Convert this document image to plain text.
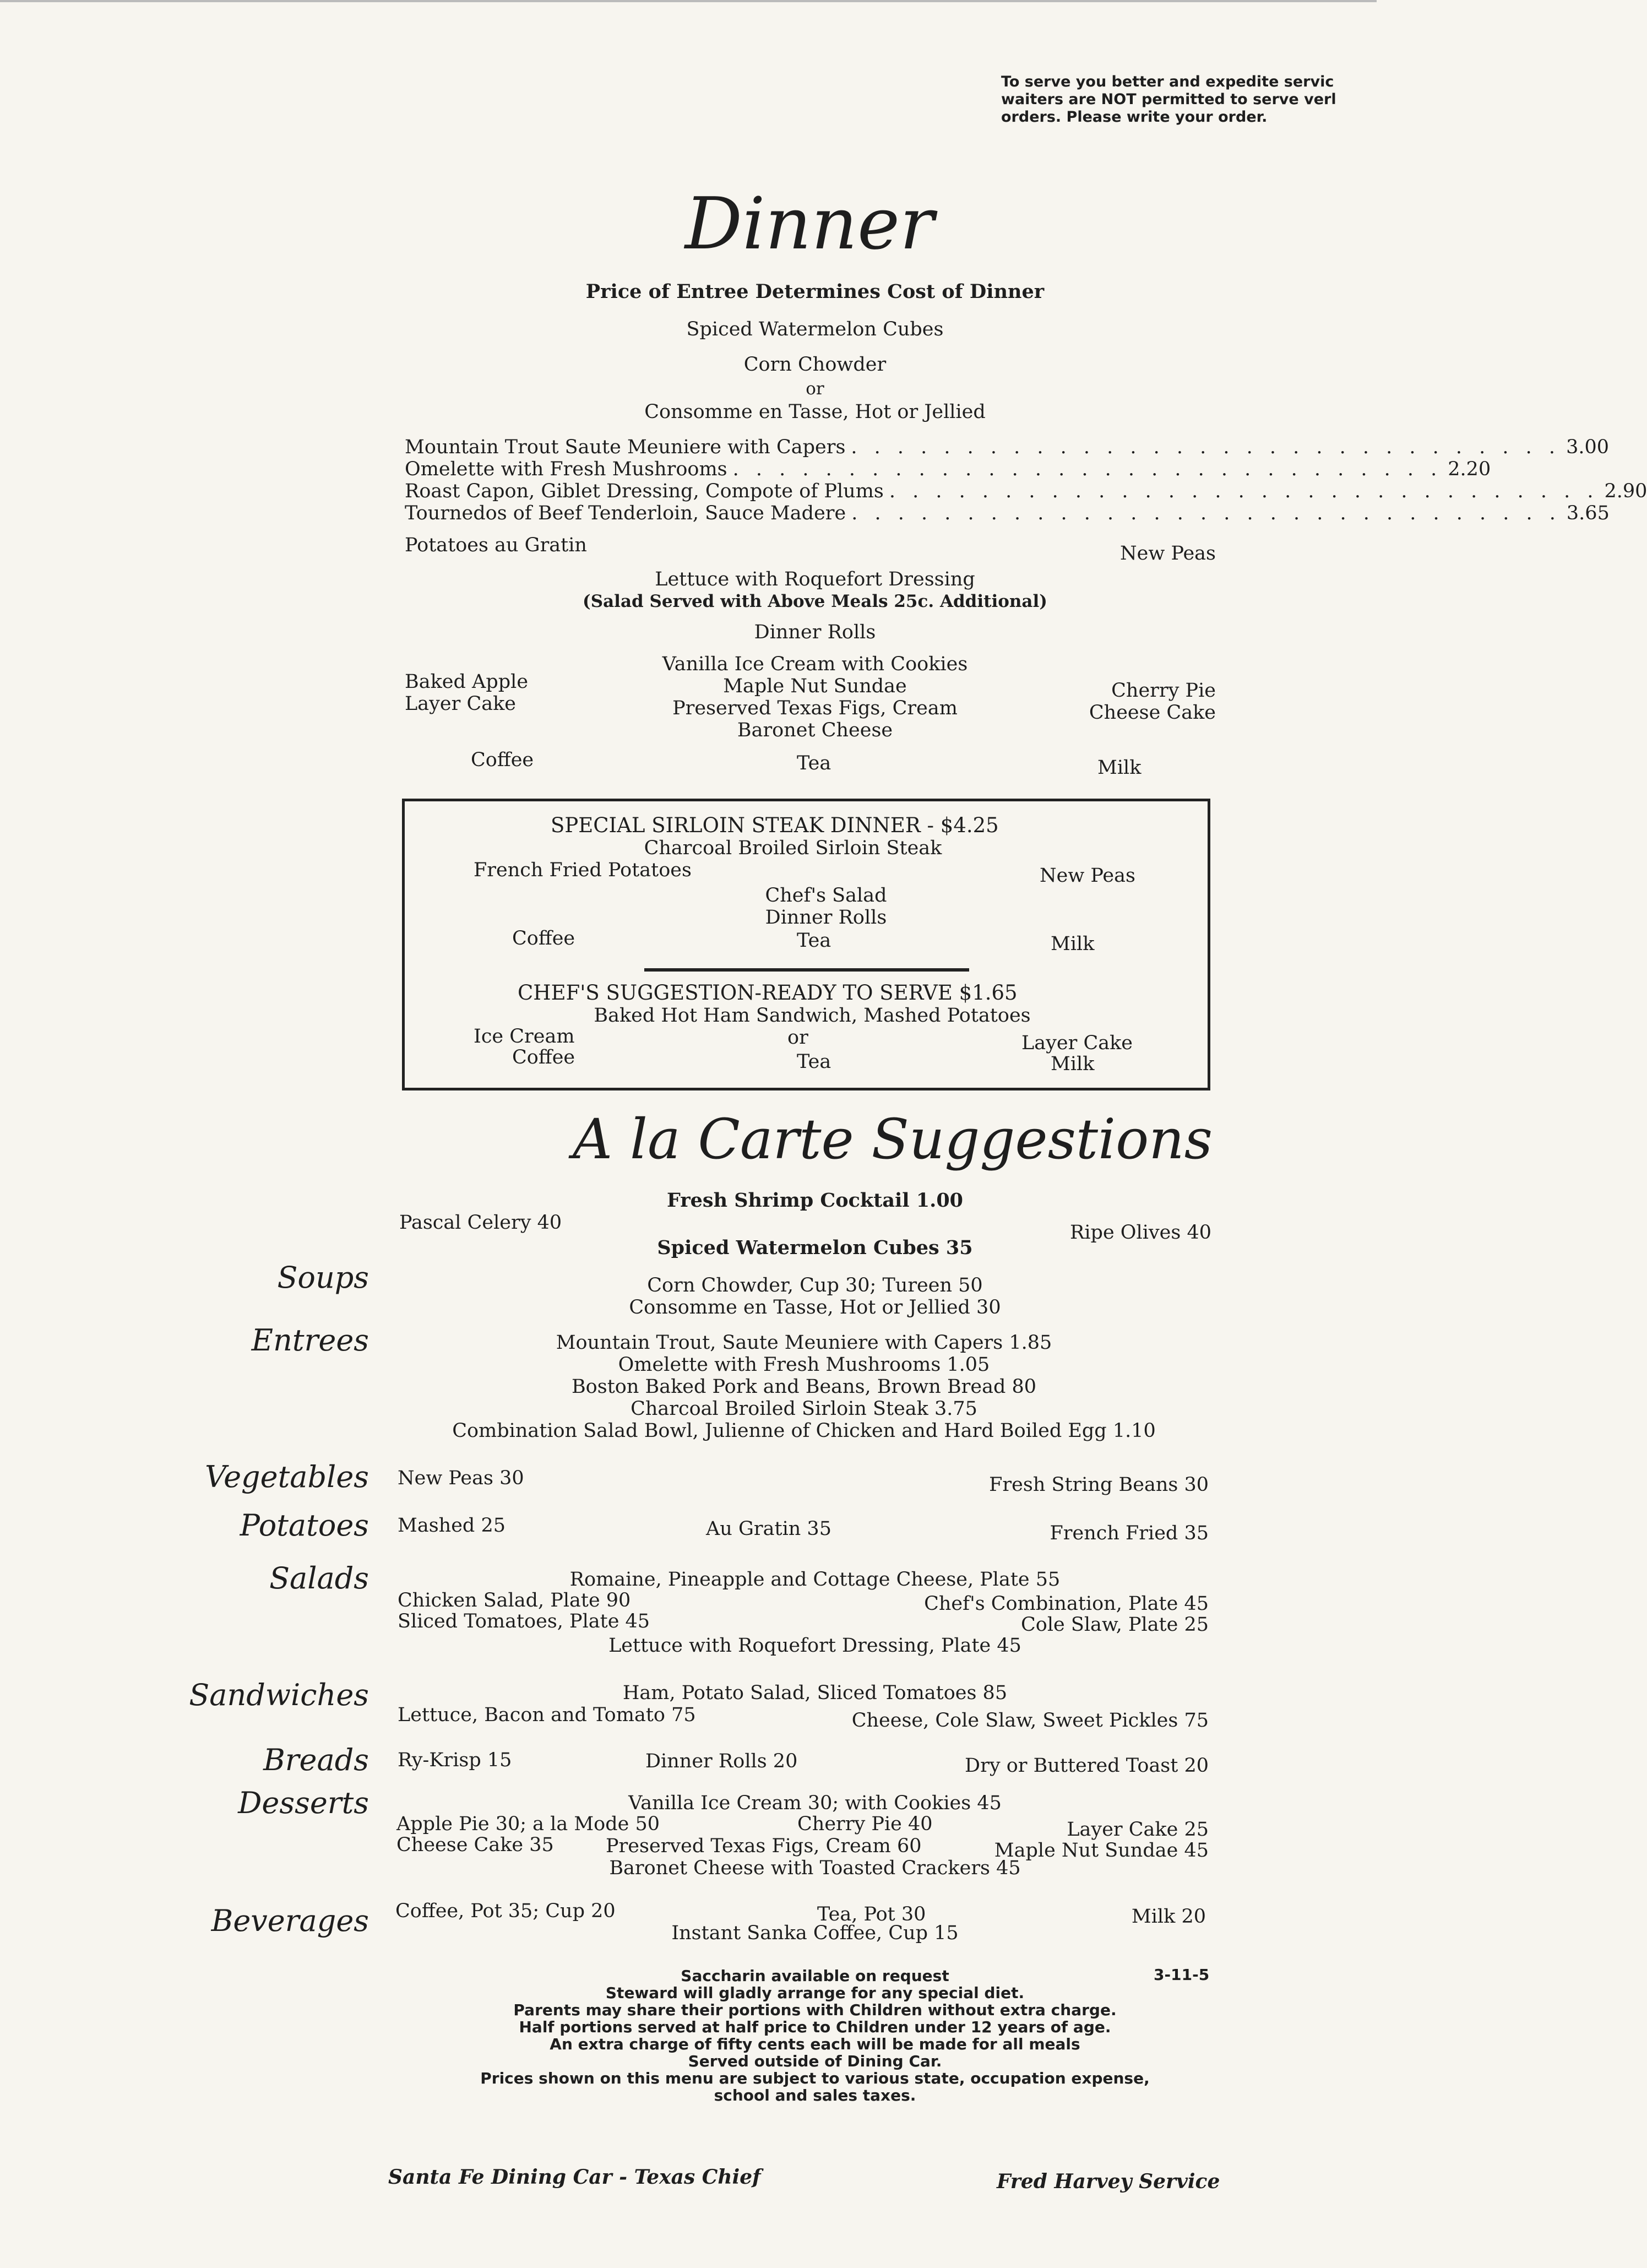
To serve you better and expedite servic
waiters are NOT permitted to serve verl
orders. Please write your order.
Dinner
Price of Entree Determines Cost of Dinner
Spiced Watermelon Cubes
Corn Chowder
or
Consomme en Tasse, Hot or Jellied
Mountain Trout Saute Meuniere with Capers . . . . . . . . . . . . . . . . . . . . . . . . . . . . . . . 3.00
Omelette with Fresh Mushrooms . . . . . . . . . . . . . . . . . . . . . . . . . . . . . . . 2.20
Roast Capon, Giblet Dressing, Compote of Plums . . . . . . . . . . . . . . . . . . . . . . . . . . . . . . . 2.90
Tournedos of Beef Tenderloin, Sauce Madere . . . . . . . . . . . . . . . . . . . . . . . . . . . . . . . 3.65
Potatoes au Gratin	New Peas
Lettuce with Roquefort Dressing
(Salad Served with Above Meals 25c. Additional)
Dinner Rolls
Vanilla Ice Cream with Cookies
Maple Nut Sundae
Preserved Texas Figs, Cream
Baronet Cheese
Baked Apple
Layer Cake
Cherry Pie
Cheese Cake
Coffee	Tea	Milk
SPECIAL SIRLOIN STEAK DINNER - $4.25
Charcoal Broiled Sirloin Steak
French Fried Potatoes	New Peas
Chef's Salad
Dinner Rolls
Coffee	Tea	Milk
CHEF'S SUGGESTION-READY TO SERVE $1.65
Baked Hot Ham Sandwich, Mashed Potatoes
Ice Cream	or	Layer Cake
Coffee	Tea	Milk
A la Carte Suggestions
Fresh Shrimp Cocktail 1.00
Pascal Celery 40	Ripe Olives 40
Spiced Watermelon Cubes 35
Soups	Corn Chowder, Cup 30; Tureen 50
Consomme en Tasse, Hot or Jellied 30
Entrees	Mountain Trout, Saute Meuniere with Capers 1.85
Omelette with Fresh Mushrooms 1.05
Boston Baked Pork and Beans, Brown Bread 80
Charcoal Broiled Sirloin Steak 3.75
Combination Salad Bowl, Julienne of Chicken and Hard Boiled Egg 1.10
Vegetables New Peas 30	Fresh String Beans 30
Potatoes Mashed 25	Au Gratin 35	French Fried 35
Salads	Romaine, Pineapple and Cottage Cheese, Plate 55
Chicken Salad, Plate 90	Chef's Combination, Plate 45
Sliced Tomatoes, Plate 45	Cole Slaw, Plate 25
Lettuce with Roquefort Dressing, Plate 45
Sandwiches	Ham, Potato Salad, Sliced Tomatoes 85
Lettuce, Bacon and Tomato 75	Cheese, Cole Slaw, Sweet Pickles 75
Breads Ry-Krisp 15	Dinner Rolls 20	Dry or Buttered Toast 20
Desserts	Vanilla Ice Cream 30; with Cookies 45
Apple Pie 30; a la Mode 50	Cherry Pie 40	Layer Cake 25
Cheese Cake 35	Preserved Texas Figs, Cream 60	Maple Nut Sundae 45
Baronet Cheese with Toasted Crackers 45
Beverages Coffee, Pot 35; Cup 20	Tea, Pot 30	Milk 20
Instant Sanka Coffee, Cup 15
3-11-5
Saccharin available on request
Steward will gladly arrange for any special diet.
Parents may share their portions with Children without extra charge.
Half portions served at half price to Children under 12 years of age.
An extra charge of fifty cents each will be made for all meals
Served outside of Dining Car.
Prices shown on this menu are subject to various state, occupation expense,
school and sales taxes.
Santa Fe Dining Car - Texas Chief	Fred Harvey Service
